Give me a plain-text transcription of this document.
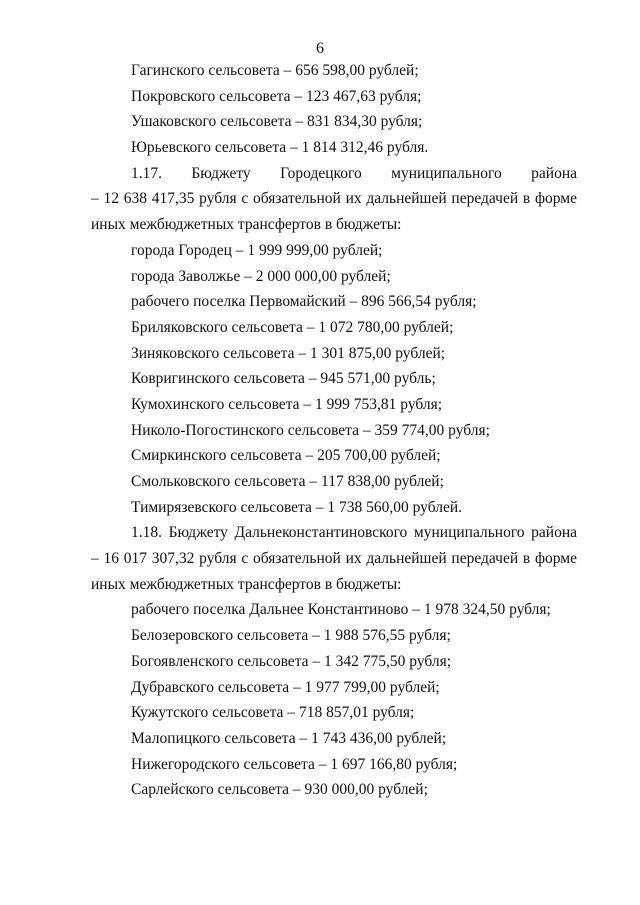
6
Гагинского сельсовета – 656 598,00 рублей;
Покровского сельсовета – 123 467,63 рубля;
Ушаковского сельсовета – 831 834,30 рубля;
Юрьевского сельсовета – 1 814 312,46 рубля.
1.17. Бюджету Городецкого муниципального района
– 12 638 417,35 рубля с обязательной их дальнейшей передачей в форме
иных межбюджетных трансфертов в бюджеты:
города Городец – 1 999 999,00 рублей;
города Заволжье – 2 000 000,00 рублей;
рабочего поселка Первомайский – 896 566,54 рубля;
Бриляковского сельсовета – 1 072 780,00 рублей;
Зиняковского сельсовета – 1 301 875,00 рублей;
Ковригинского сельсовета – 945 571,00 рубль;
Кумохинского сельсовета – 1 999 753,81 рубля;
Николо-Погостинского сельсовета – 359 774,00 рубля;
Смиркинского сельсовета – 205 700,00 рублей;
Смольковского сельсовета – 117 838,00 рублей;
Тимирязевского сельсовета – 1 738 560,00 рублей.
1.18. Бюджету Дальнеконстантиновского муниципального района
– 16 017 307,32 рубля с обязательной их дальнейшей передачей в форме
иных межбюджетных трансфертов в бюджеты:
рабочего поселка Дальнее Константиново – 1 978 324,50 рубля;
Белозеровского сельсовета – 1 988 576,55 рубля;
Богоявленского сельсовета – 1 342 775,50 рубля;
Дубравского сельсовета – 1 977 799,00 рублей;
Кужутского сельсовета – 718 857,01 рубля;
Малопицкого сельсовета – 1 743 436,00 рублей;
Нижегородского сельсовета – 1 697 166,80 рубля;
Сарлейского сельсовета – 930 000,00 рублей;
